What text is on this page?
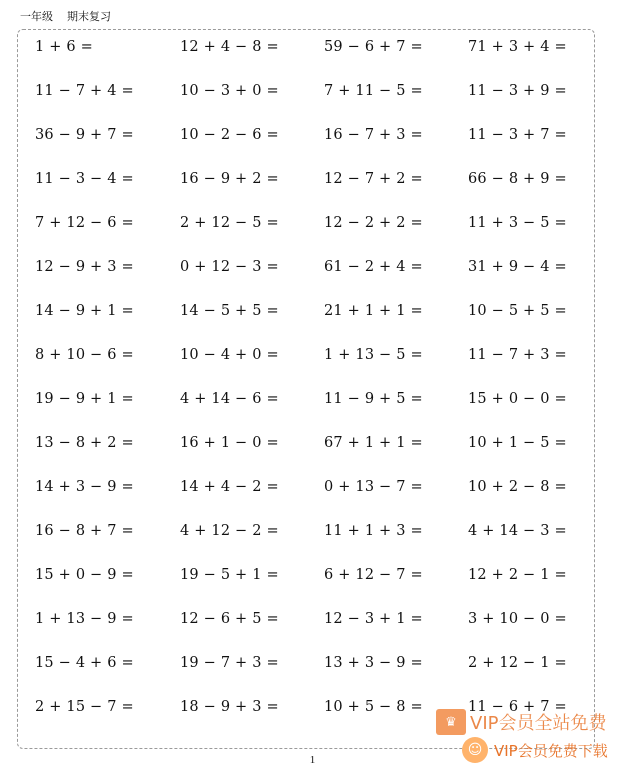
一年级 期末复习
1 + 6 =	12 + 4 − 8 =	59 − 6 + 7 =	71 + 3 + 4 =
11 − 7 + 4 =	10 − 3 + 0 =	7 + 11 − 5 =	11 − 3 + 9 =
36 − 9 + 7 =	10 − 2 − 6 =	16 − 7 + 3 =	11 − 3 + 7 =
11 − 3 − 4 =	16 − 9 + 2 =	12 − 7 + 2 =	66 − 8 + 9 =
7 + 12 − 6 =	2 + 12 − 5 =	12 − 2 + 2 =	11 + 3 − 5 =
12 − 9 + 3 =	0 + 12 − 3 =	61 − 2 + 4 =	31 + 9 − 4 =
14 − 9 + 1 =	14 − 5 + 5 =	21 + 1 + 1 =	10 − 5 + 5 =
8 + 10 − 6 =	10 − 4 + 0 =	1 + 13 − 5 =	11 − 7 + 3 =
19 − 9 + 1 =	4 + 14 − 6 =	11 − 9 + 5 =	15 + 0 − 0 =
13 − 8 + 2 =	16 + 1 − 0 =	67 + 1 + 1 =	10 + 1 − 5 =
14 + 3 − 9 =	14 + 4 − 2 =	0 + 13 − 7 =	10 + 2 − 8 =
16 − 8 + 7 =	4 + 12 − 2 =	11 + 1 + 3 =	4 + 14 − 3 =
15 + 0 − 9 =	19 − 5 + 1 =	6 + 12 − 7 =	12 + 2 − 1 =
1 + 13 − 9 =	12 − 6 + 5 =	12 − 3 + 1 =	3 + 10 − 0 =
15 − 4 + 6 =	19 − 7 + 3 =	13 + 3 − 9 =	2 + 12 − 1 =
2 + 15 − 7 =	18 − 9 + 3 =	10 + 5 − 8 =	11 − 6 + 7 =
1
♛ VIP会员全站免费
☺ VIP会员免费下载
